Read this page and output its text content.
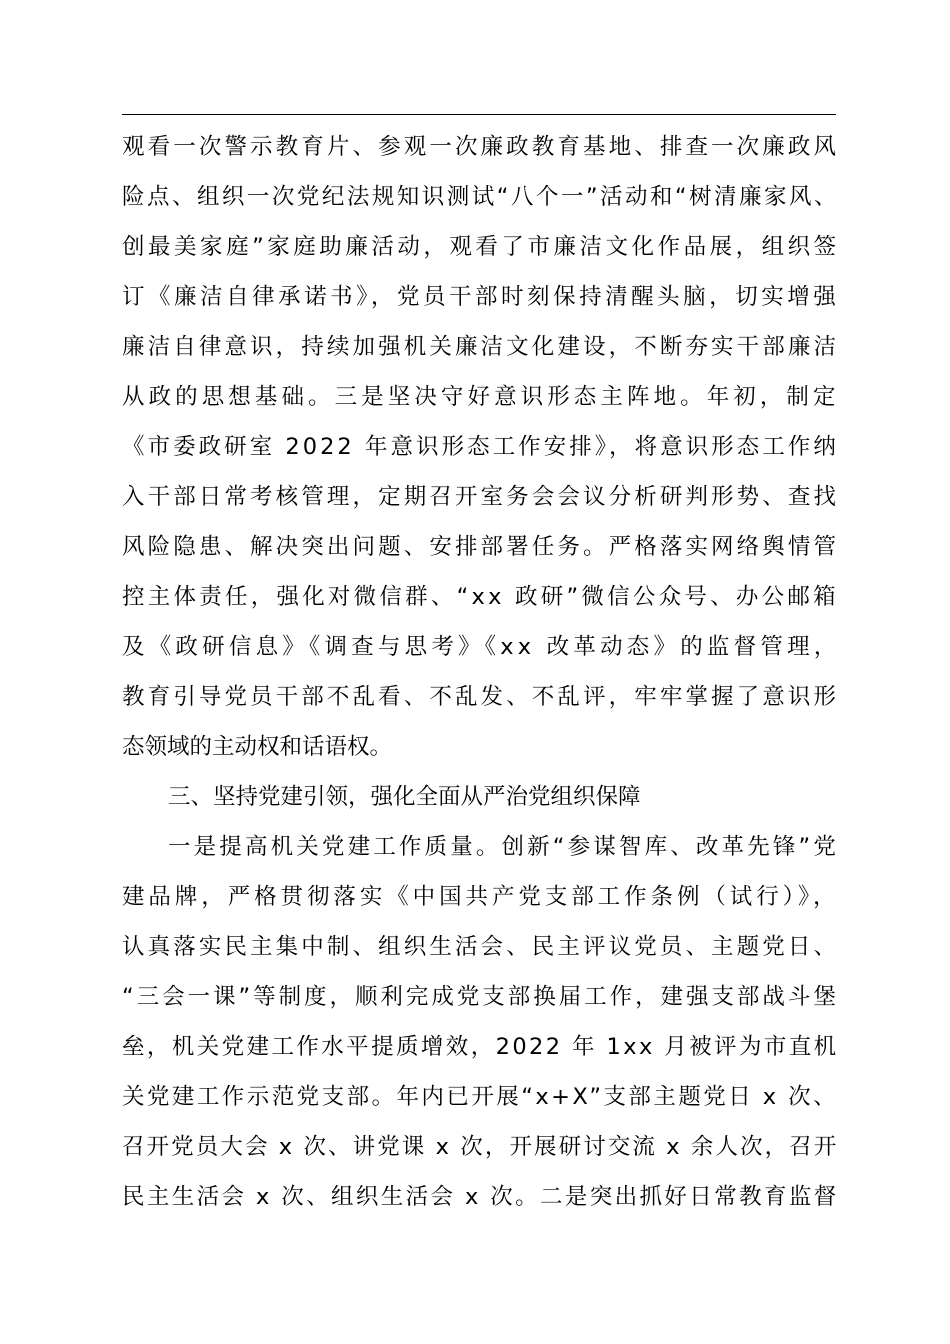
观看一次警示教育片、参观一次廉政教育基地、排查一次廉政风
险点、组织一次党纪法规知识测试“八个一”活动和“树清廉家风、
创最美家庭”家庭助廉活动，观看了市廉洁文化作品展，组织签
订《廉洁自律承诺书》，党员干部时刻保持清醒头脑，切实增强
廉洁自律意识，持续加强机关廉洁文化建设，不断夯实干部廉洁
从政的思想基础。三是坚决守好意识形态主阵地。年初，制定
《市委政研室 2022 年意识形态工作安排》，将意识形态工作纳
入干部日常考核管理，定期召开室务会会议分析研判形势、查找
风险隐患、解决突出问题、安排部署任务。严格落实网络舆情管
控主体责任，强化对微信群、“xx 政研”微信公众号、办公邮箱
及《政研信息》《调查与思考》《xx 改革动态》的监督管理，
教育引导党员干部不乱看、不乱发、不乱评，牢牢掌握了意识形
态领域的主动权和话语权。
三、坚持党建引领，强化全面从严治党组织保障
一是提高机关党建工作质量。创新“参谋智库、改革先锋”党
建品牌，严格贯彻落实《中国共产党支部工作条例（试行）》，
认真落实民主集中制、组织生活会、民主评议党员、主题党日、
“三会一课”等制度，顺利完成党支部换届工作，建强支部战斗堡
垒，机关党建工作水平提质增效，2022 年 1xx 月被评为市直机
关党建工作示范党支部。年内已开展“x+X”支部主题党日 x 次、
召开党员大会 x 次、讲党课 x 次，开展研讨交流 x 余人次，召开
民主生活会 x 次、组织生活会 x 次。二是突出抓好日常教育监督
